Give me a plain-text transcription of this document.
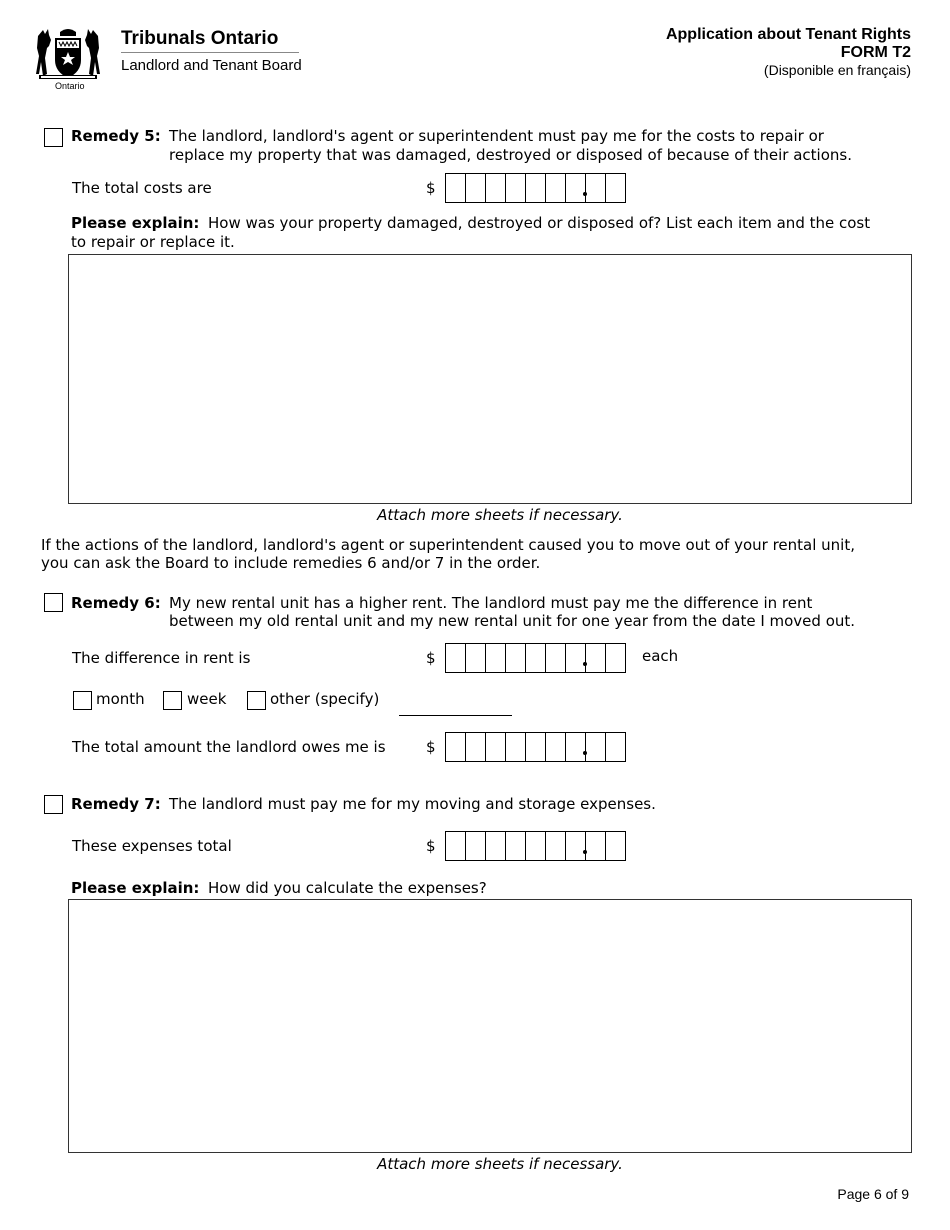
Ontario
Tribunals Ontario
Landlord and Tenant Board
Application about Tenant Rights
FORM T2
(Disponible en français)
Remedy 5: The landlord, landlord's agent or superintendent must pay me for the costs to repair or
replace my property that was damaged, destroyed or disposed of because of their actions.
The total costs are	$
Please explain: How was your property damaged, destroyed or disposed of? List each item and the cost
to repair or replace it.
Attach more sheets if necessary.
If the actions of the landlord, landlord's agent or superintendent caused you to move out of your rental unit,
you can ask the Board to include remedies 6 and/or 7 in the order.
Remedy 6: My new rental unit has a higher rent. The landlord must pay me the difference in rent
between my old rental unit and my new rental unit for one year from the date I moved out.
The difference in rent is	$	each
month	week	other (specify)
The total amount the landlord owes me is	$
Remedy 7: The landlord must pay me for my moving and storage expenses.
These expenses total	$
Please explain: How did you calculate the expenses?
Attach more sheets if necessary.
Page 6 of 9
